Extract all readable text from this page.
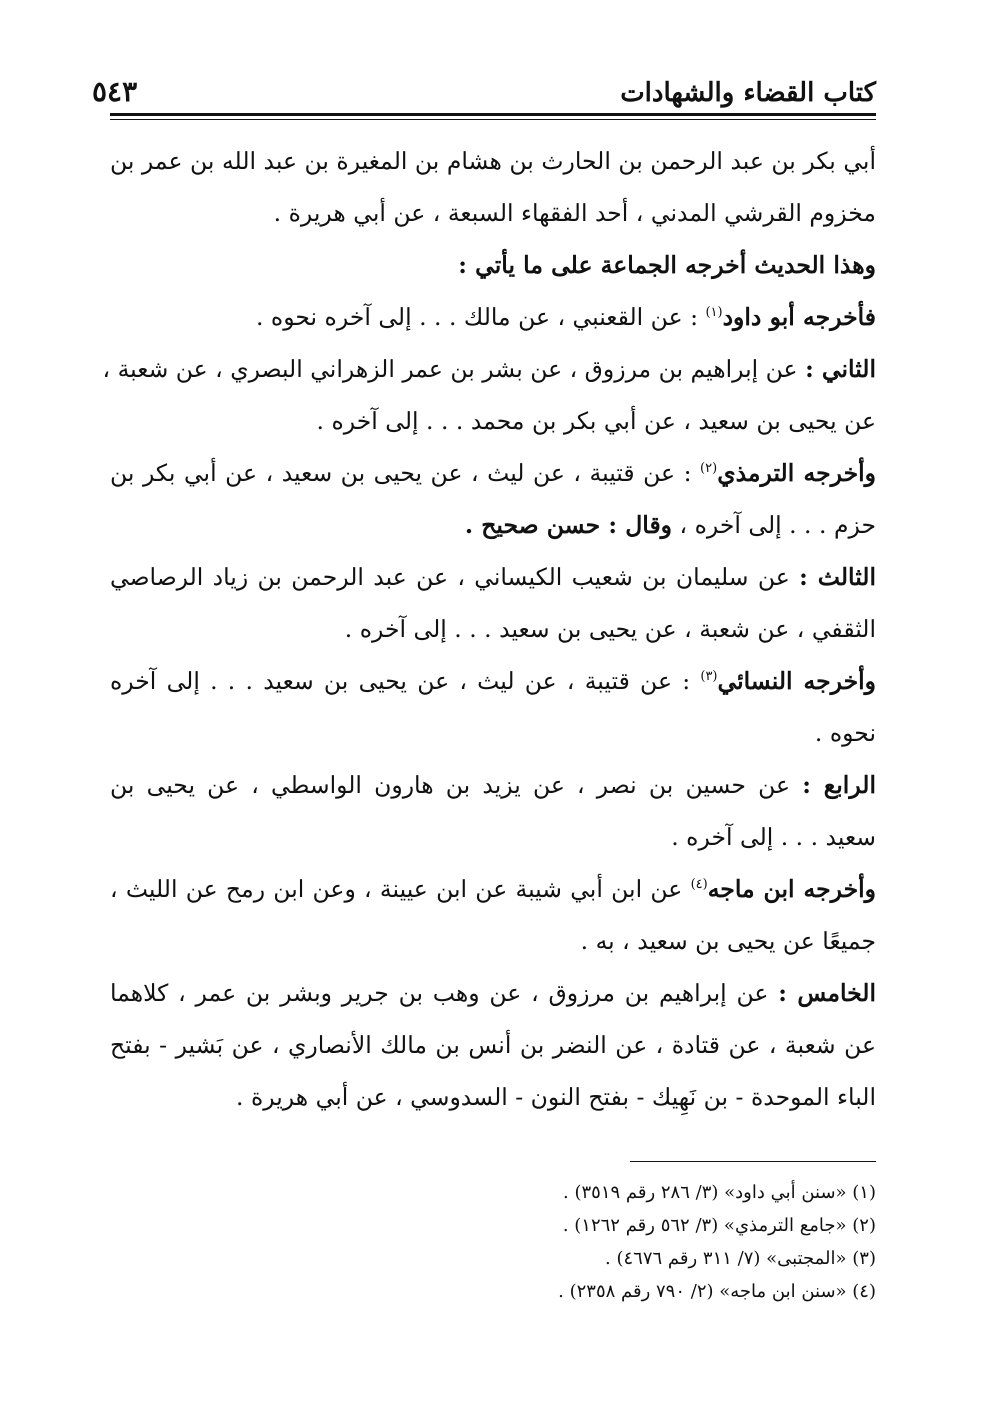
كتاب القضاء والشهادات
٥٤٣

أبي بكر بن عبد الرحمن بن الحارث بن هشام بن المغيرة بن عبد الله بن عمر بن

مخزوم القرشي المدني ، أحد الفقهاء السبعة ، عن أبي هريرة .

وهذا الحديث أخرجه الجماعة على ما يأتي :

فأخرجه أبو داود$^{(١)}$ : عن القعنبي ، عن مالك . . . إلى آخره نحوه .

الثاني : عن إبراهيم بن مرزوق ، عن بشر بن عمر الزهراني البصري ، عن شعبة ،

عن يحيى بن سعيد ، عن أبي بكر بن محمد . . . إلى آخره .

وأخرجه الترمذي$^{(٢)}$ : عن قتيبة ، عن ليث ، عن يحيى بن سعيد ، عن أبي بكر بن

حزم . . . إلى آخره ، وقال : حسن صحيح .

الثالث : عن سليمان بن شعيب الكيساني ، عن عبد الرحمن بن زياد الرصاصي

الثقفي ، عن شعبة ، عن يحيى بن سعيد . . . إلى آخره .

وأخرجه النسائي$^{(٣)}$ : عن قتيبة ، عن ليث ، عن يحيى بن سعيد . . . إلى آخره

نحوه .

الرابع : عن حسين بن نصر ، عن يزيد بن هارون الواسطي ، عن يحيى بن

سعيد . . . إلى آخره .

وأخرجه ابن ماجه$^{(٤)}$ عن ابن أبي شيبة عن ابن عيينة ، وعن ابن رمح عن الليث ،

جميعًا عن يحيى بن سعيد ، به .

الخامس : عن إبراهيم بن مرزوق ، عن وهب بن جرير وبشر بن عمر ، كلاهما

عن شعبة ، عن قتادة ، عن النضر بن أنس بن مالك الأنصاري ، عن بَشير - بفتح

الباء الموحدة - بن نَهِيك - بفتح النون - السدوسي ، عن أبي هريرة .

(١) «سنن أبي داود» (٣/ ٢٨٦ رقم ٣٥١٩) .
(٢) «جامع الترمذي» (٣/ ٥٦٢ رقم ١٢٦٢) .
(٣) «المجتبى» (٧/ ٣١١ رقم ٤٦٧٦) .
(٤) «سنن ابن ماجه» (٢/ ٧٩٠ رقم ٢٣٥٨) .
